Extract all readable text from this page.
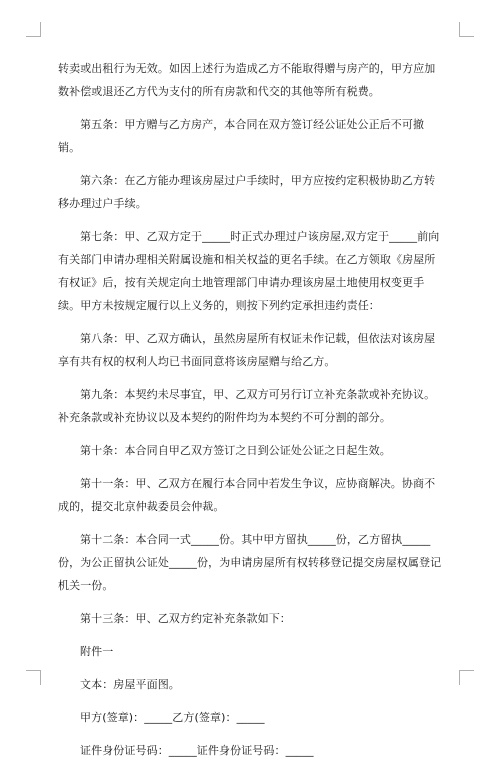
转卖或出租行为无效。如因上述行为造成乙方不能取得赠与房产的，甲方应加数补偿或退还乙方代为支付的所有房款和代交的其他等所有税费。

第五条：甲方赠与乙方房产，本合同在双方签订经公证处公正后不可撤销。

第六条：在乙方能办理该房屋过户手续时，甲方应按约定积极协助乙方转移办理过户手续。

第七条：甲、乙双方定于_____时正式办理过户该房屋,双方定于_____前向有关部门申请办理相关附属设施和相关权益的更名手续。在乙方领取《房屋所有权证》后，按有关规定向土地管理部门申请办理该房屋土地使用权变更手续。甲方未按规定履行以上义务的，则按下列约定承担违约责任：

第八条：甲、乙双方确认，虽然房屋所有权证未作记载，但依法对该房屋享有共有权的权利人均已书面同意将该房屋赠与给乙方。

第九条：本契约未尽事宜，甲、乙双方可另行订立补充条款或补充协议。补充条款或补充协议以及本契约的附件均为本契约不可分割的部分。

第十条：本合同自甲乙双方签订之日到公证处公证之日起生效。

第十一条：甲、乙双方在履行本合同中若发生争议，应协商解决。协商不成的，提交北京仲裁委员会仲裁。

第十二条：本合同一式_____份。其中甲方留执_____份，乙方留执_____份，为公正留执公证处_____份，为申请房屋所有权转移登记提交房屋权属登记机关一份。

第十三条：甲、乙双方约定补充条款如下：

附件一

文本：房屋平面图。

甲方(签章)：_____乙方(签章)：_____

证件身份证号码：_____证件身份证号码：_____
